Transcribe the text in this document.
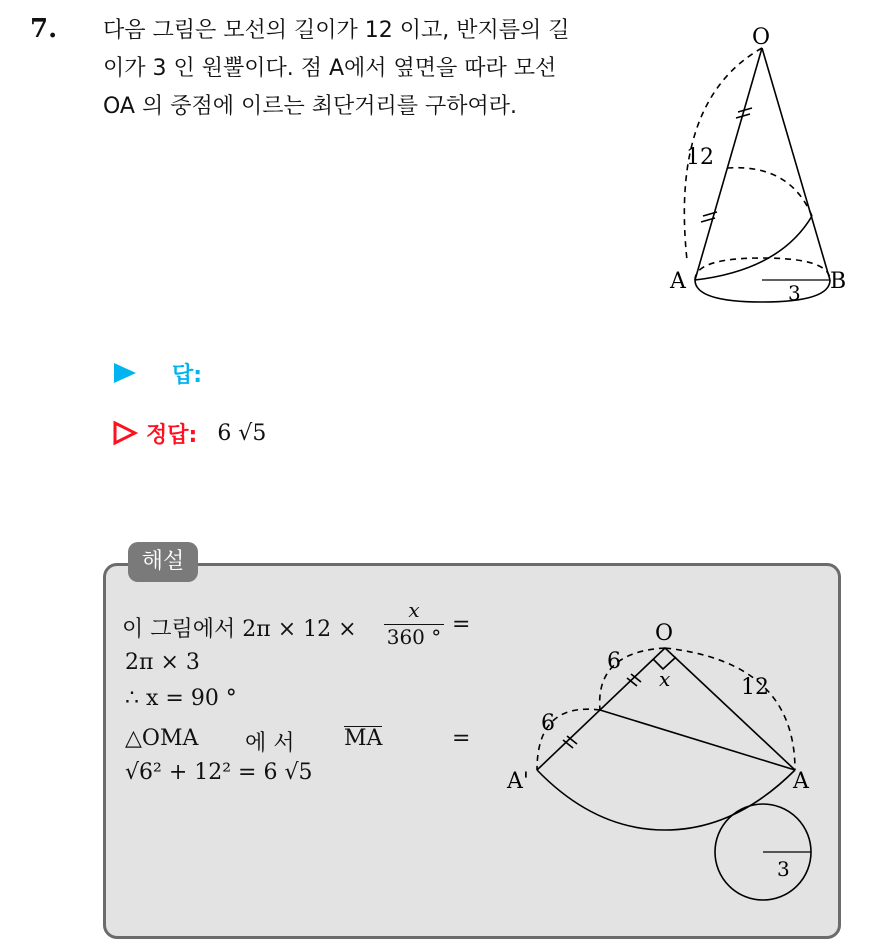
7. 다음 그림은 모선의 길이가 12 이고, 반지름의 길
이가 3 인 원뿔이다. 점 A에서 옆면을 따라 모선
OA 의 중점에 이르는 최단거리를 구하여라.
O
A	B
12
3
답:
정답: 6 √5
해설
이 그림에서 2π × 12 ×
x
360 ° =
2π × 3
∴ x = 90 °
△OMA 에 서 MA	=
√6² + 12² = 6 √5
O
A'	A
6
6
12
x
3
